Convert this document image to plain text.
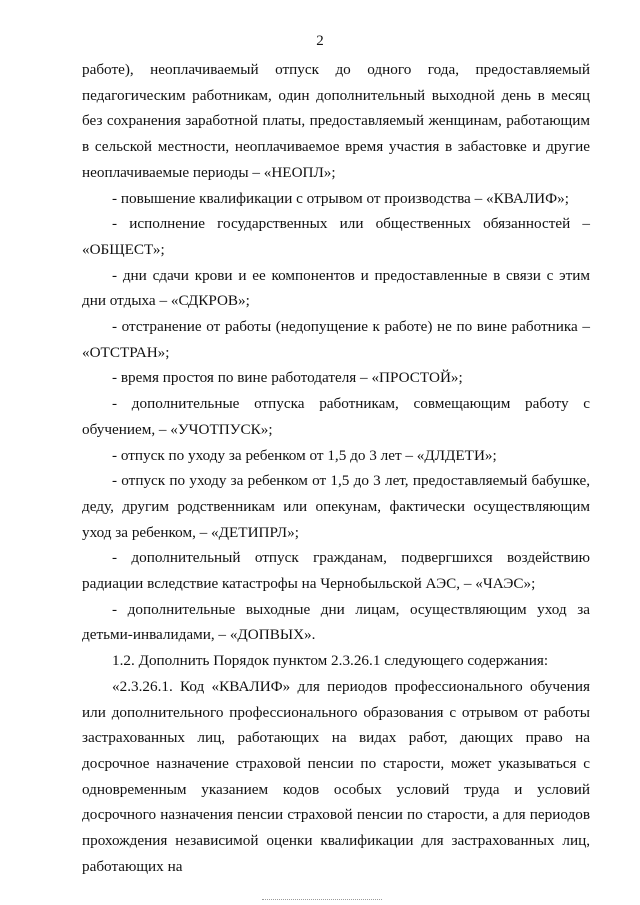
2

работе), неоплачиваемый отпуск до одного года, предоставляемый педагогическим работникам, один дополнительный выходной день в месяц без сохранения заработной платы, предоставляемый женщинам, работающим в сельской местности, неоплачиваемое время участия в забастовке и другие неоплачиваемые периоды – «НЕОПЛ»;

- повышение квалификации с отрывом от производства – «КВАЛИФ»;

- исполнение государственных или общественных обязанностей – «ОБЩЕСТ»;

- дни сдачи крови и ее компонентов и предоставленные в связи с этим дни отдыха – «СДКРОВ»;

- отстранение от работы (недопущение к работе) не по вине работника – «ОТСТРАН»;

- время простоя по вине работодателя – «ПРОСТОЙ»;

- дополнительные отпуска работникам, совмещающим работу с обучением, – «УЧОТПУСК»;

- отпуск по уходу за ребенком от 1,5 до 3 лет – «ДЛДЕТИ»;

- отпуск по уходу за ребенком от 1,5 до 3 лет, предоставляемый бабушке, деду, другим родственникам или опекунам, фактически осуществляющим уход за ребенком, – «ДЕТИПРЛ»;

- дополнительный отпуск гражданам, подвергшихся воздействию радиации вследствие катастрофы на Чернобыльской АЭС, – «ЧАЭС»;

- дополнительные выходные дни лицам, осуществляющим уход за детьми-инвалидами, – «ДОПВЫХ».

1.2. Дополнить Порядок пунктом 2.3.26.1 следующего содержания:

«2.3.26.1. Код «КВАЛИФ» для периодов профессионального обучения или дополнительного профессионального образования с отрывом от работы застрахованных лиц, работающих на видах работ, дающих право на досрочное назначение страховой пенсии по старости, может указываться с одновременным указанием кодов особых условий труда и условий досрочного назначения пенсии страховой пенсии по старости, а для периодов прохождения независимой оценки квалификации для застрахованных лиц, работающих на
